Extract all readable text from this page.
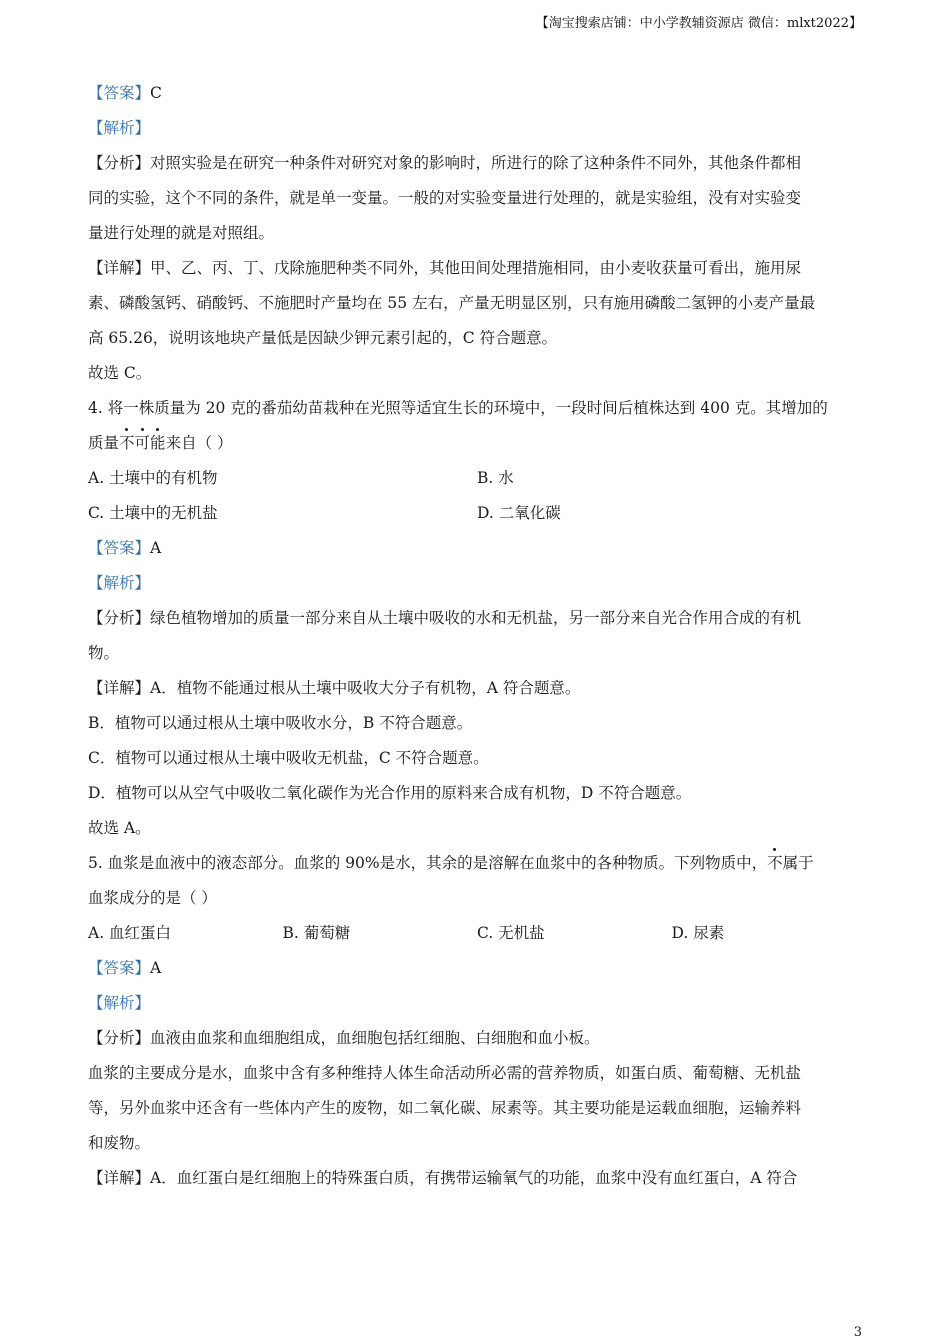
【淘宝搜索店铺：中小学教辅资源店 微信：mlxt2022】
【答案】C
【解析】
【分析】对照实验是在研究一种条件对研究对象的影响时，所进行的除了这种条件不同外，其他条件都相
同的实验，这个不同的条件，就是单一变量。一般的对实验变量进行处理的，就是实验组，没有对实验变
量进行处理的就是对照组。
【详解】甲、乙、丙、丁、戊除施肥种类不同外，其他田间处理措施相同，由小麦收获量可看出，施用尿
素、磷酸氢钙、硝酸钙、不施肥时产量均在 55 左右，产量无明显区别，只有施用磷酸二氢钾的小麦产量最
高 65.26，说明该地块产量低是因缺少钾元素引起的，C 符合题意。
故选 C。
4. 将一株质量为 20 克的番茄幼苗栽种在光照等适宜生长的环境中，一段时间后植株达到 400 克。其增加的
质量不可能来自（ ）
A. 土壤中的有机物	B. 水
C. 土壤中的无机盐	D. 二氧化碳
【答案】A
【解析】
【分析】绿色植物增加的质量一部分来自从土壤中吸收的水和无机盐，另一部分来自光合作用合成的有机
物。
【详解】A．植物不能通过根从土壤中吸收大分子有机物，A 符合题意。
B．植物可以通过根从土壤中吸收水分，B 不符合题意。
C．植物可以通过根从土壤中吸收无机盐，C 不符合题意。
D．植物可以从空气中吸收二氧化碳作为光合作用的原料来合成有机物，D 不符合题意。
故选 A。
5. 血浆是血液中的液态部分。血浆的 90%是水，其余的是溶解在血浆中的各种物质。下列物质中，不属于
血浆成分的是（ ）
A. 血红蛋白	B. 葡萄糖	C. 无机盐	D. 尿素
【答案】A
【解析】
【分析】血液由血浆和血细胞组成，血细胞包括红细胞、白细胞和血小板。
血浆的主要成分是水，血浆中含有多种维持人体生命活动所必需的营养物质，如蛋白质、葡萄糖、无机盐
等，另外血浆中还含有一些体内产生的废物，如二氧化碳、尿素等。其主要功能是运载血细胞，运输养料
和废物。
【详解】A．血红蛋白是红细胞上的特殊蛋白质，有携带运输氧气的功能，血浆中没有血红蛋白，A 符合
3
